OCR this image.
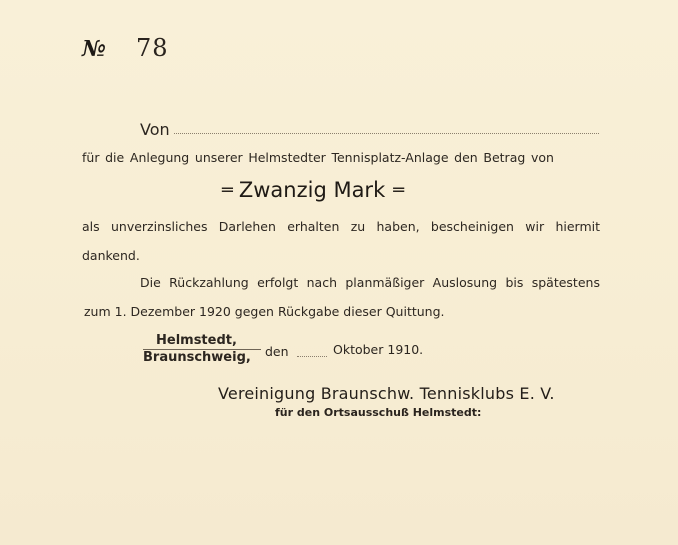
№ 78
Von
für die Anlegung unserer Helmstedter Tennisplatz-Anlage den Betrag von
═ Zwanzig Mark ═
als unverzinsliches Darlehen erhalten zu haben, bescheinigen wir hiermit
dankend.
Die Rückzahlung erfolgt nach planmäßiger Auslosung bis spätestens
zum 1. Dezember 1920 gegen Rückgabe dieser Quittung.
Helmstedt,
Braunschweig, den	Oktober 1910.
Vereinigung Braunschw. Tennisklubs E. V.
für den Ortsausschuß Helmstedt:
